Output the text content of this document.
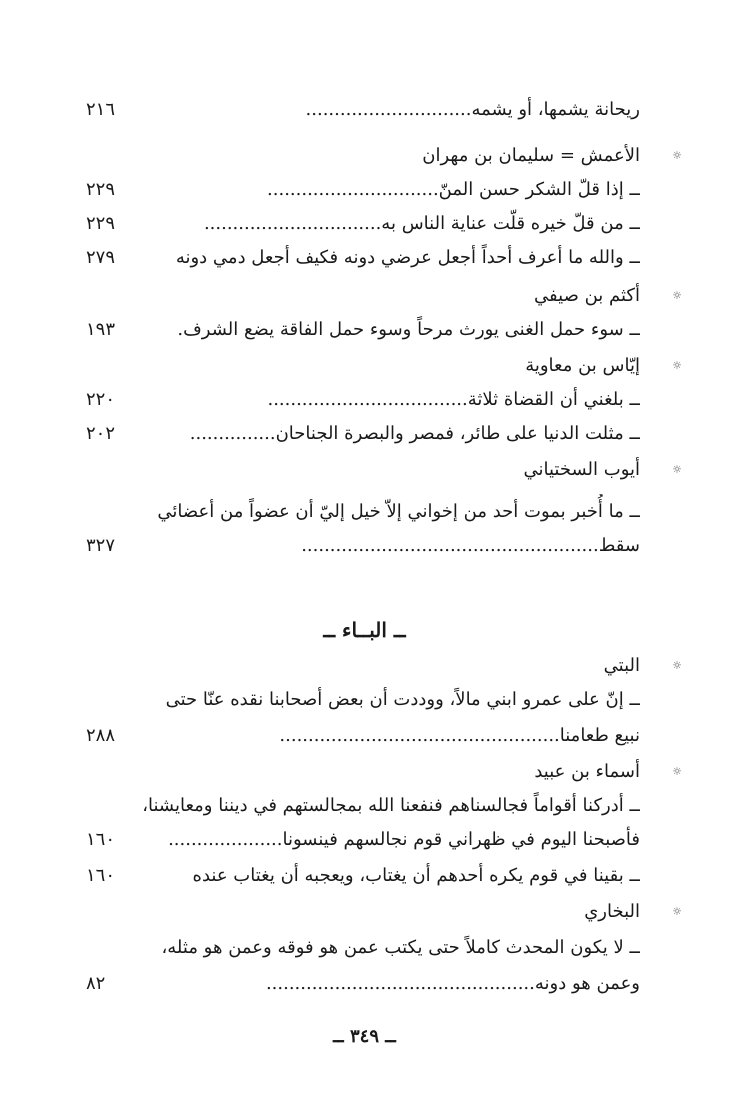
ريحانة يشمها، أو يشمه.............................
٢١٦
☼
الأعمش = سليمان بن مهران
ــ إذا قلّ الشكر حسن المنّ..............................
٢٢٩
ــ من قلّ خيره قلّت عناية الناس به...............................
٢٢٩
ــ والله ما أعرف أحداً أجعل عرضي دونه فكيف أجعل دمي دونه
٢٧٩
☼
أكثم بن صيفي
ــ سوء حمل الغنى يورث مرحاً وسوء حمل الفاقة يضع الشرف.
١٩٣
☼
إيّاس بن معاوية
ــ بلغني أن القضاة ثلاثة...................................
٢٢٠
ــ مثلت الدنيا على طائر، فمصر والبصرة الجناحان...............
٢٠٢
☼
أيوب السختياني
ــ ما أُخبر بموت أحد من إخواني إلاّ خيل إليّ أن عضواً من أعضائي
سقط....................................................
٣٢٧
ــ البــاء ــ
☼
البتي
ــ إنّ على عمرو ابني مالاً، ووددت أن بعض أصحابنا نقده عنّا حتى
نبيع طعامنا.................................................
٢٨٨
☼
أسماء بن عبيد
ــ أدركنا أقواماً فجالسناهم فنفعنا الله بمجالستهم في ديننا ومعايشنا،
فأصبحنا اليوم في ظهراني قوم نجالسهم فينسونا....................
١٦٠
ــ بقينا في قوم يكره أحدهم أن يغتاب، ويعجبه أن يغتاب عنده
١٦٠
☼
البخاري
ــ لا يكون المحدث كاملاً حتى يكتب عمن هو فوقه وعمن هو مثله،
وعمن هو دونه...............................................
٨٢
ــ ٣٤٩ ــ
